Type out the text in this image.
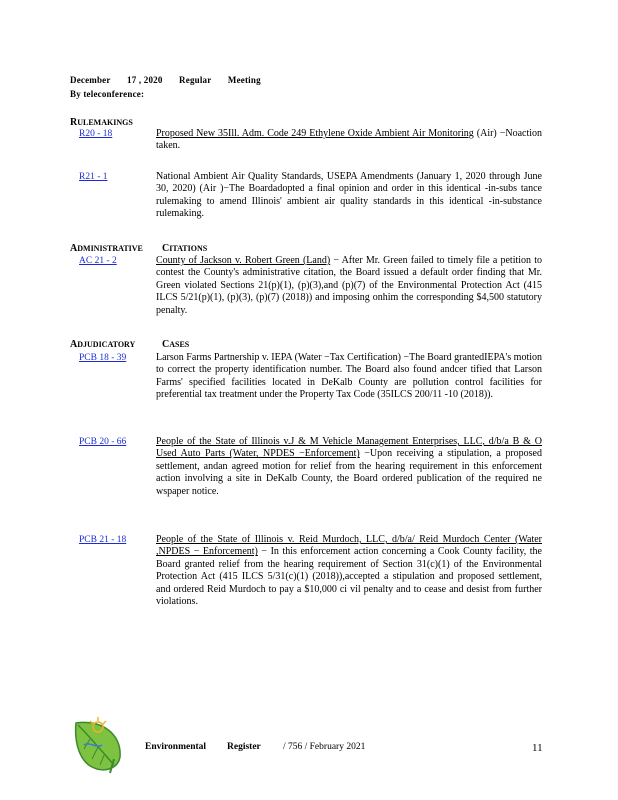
December 17 , 2020 Regular Meeting
By teleconference:
RULEMAKINGS
R20 - 18	Proposed New 35Ill. Adm. Code 249 Ethylene Oxide Ambient Air Monitoring (Air) −Noaction taken.
R21 - 1	National Ambient Air Quality Standards, USEPA Amendments (January 1, 2020 through June 30, 2020) (Air )−The Boardadopted a final opinion and order in this identical -in-subs tance rulemaking to amend Illinois' ambient air quality standards in this identical -in-substance rulemaking.
ADMINISTRATIVE CITATIONS
AC 21 - 2	County of Jackson v. Robert Green (Land) − After Mr. Green failed to timely file a petition to contest the County's administrative citation, the Board issued a default order finding that Mr. Green violated Sections 21(p)(1), (p)(3),and (p)(7) of the Environmental Protection Act (415 ILCS 5/21(p)(1), (p)(3), (p)(7) (2018)) and imposing onhim the corresponding $4,500 statutory penalty.
ADJUDICATORY	CASES
PCB 18 - 39	Larson Farms Partnership v. IEPA (Water −Tax Certification) −The Board grantedIEPA's motion to correct the property identification number. The Board also found andcer tified that Larson Farms' specified facilities located in DeKalb County are pollution control facilities for preferential tax treatment under the Property Tax Code (35ILCS 200/11 -10 (2018)).
PCB 20 - 66	People of the State of Illinois v.J & M Vehicle Management Enterprises, LLC, d/b/a B & O Used Auto Parts (Water, NPDES −Enforcement) −Upon receiving a stipulation, a proposed settlement, andan agreed motion for relief from the hearing requirement in this enforcement action involving a site in DeKalb County, the Board ordered publication of the required ne wspaper notice.
PCB 21 - 18	People of the State of Illinois v. Reid Murdoch, LLC, d/b/a/ Reid Murdoch Center (Water ,NPDES − Enforcement) − In this enforcement action concerning a Cook County facility, the Board granted relief from the hearing requirement of Section 31(c)(1) of the Environmental Protection Act (415 ILCS 5/31(c)(1) (2018)),accepted a stipulation and proposed settlement, and ordered Reid Murdoch to pay a $10,000 ci vil penalty and to cease and desist from further violations.
Environmental Register / 756 / February 2021	11
